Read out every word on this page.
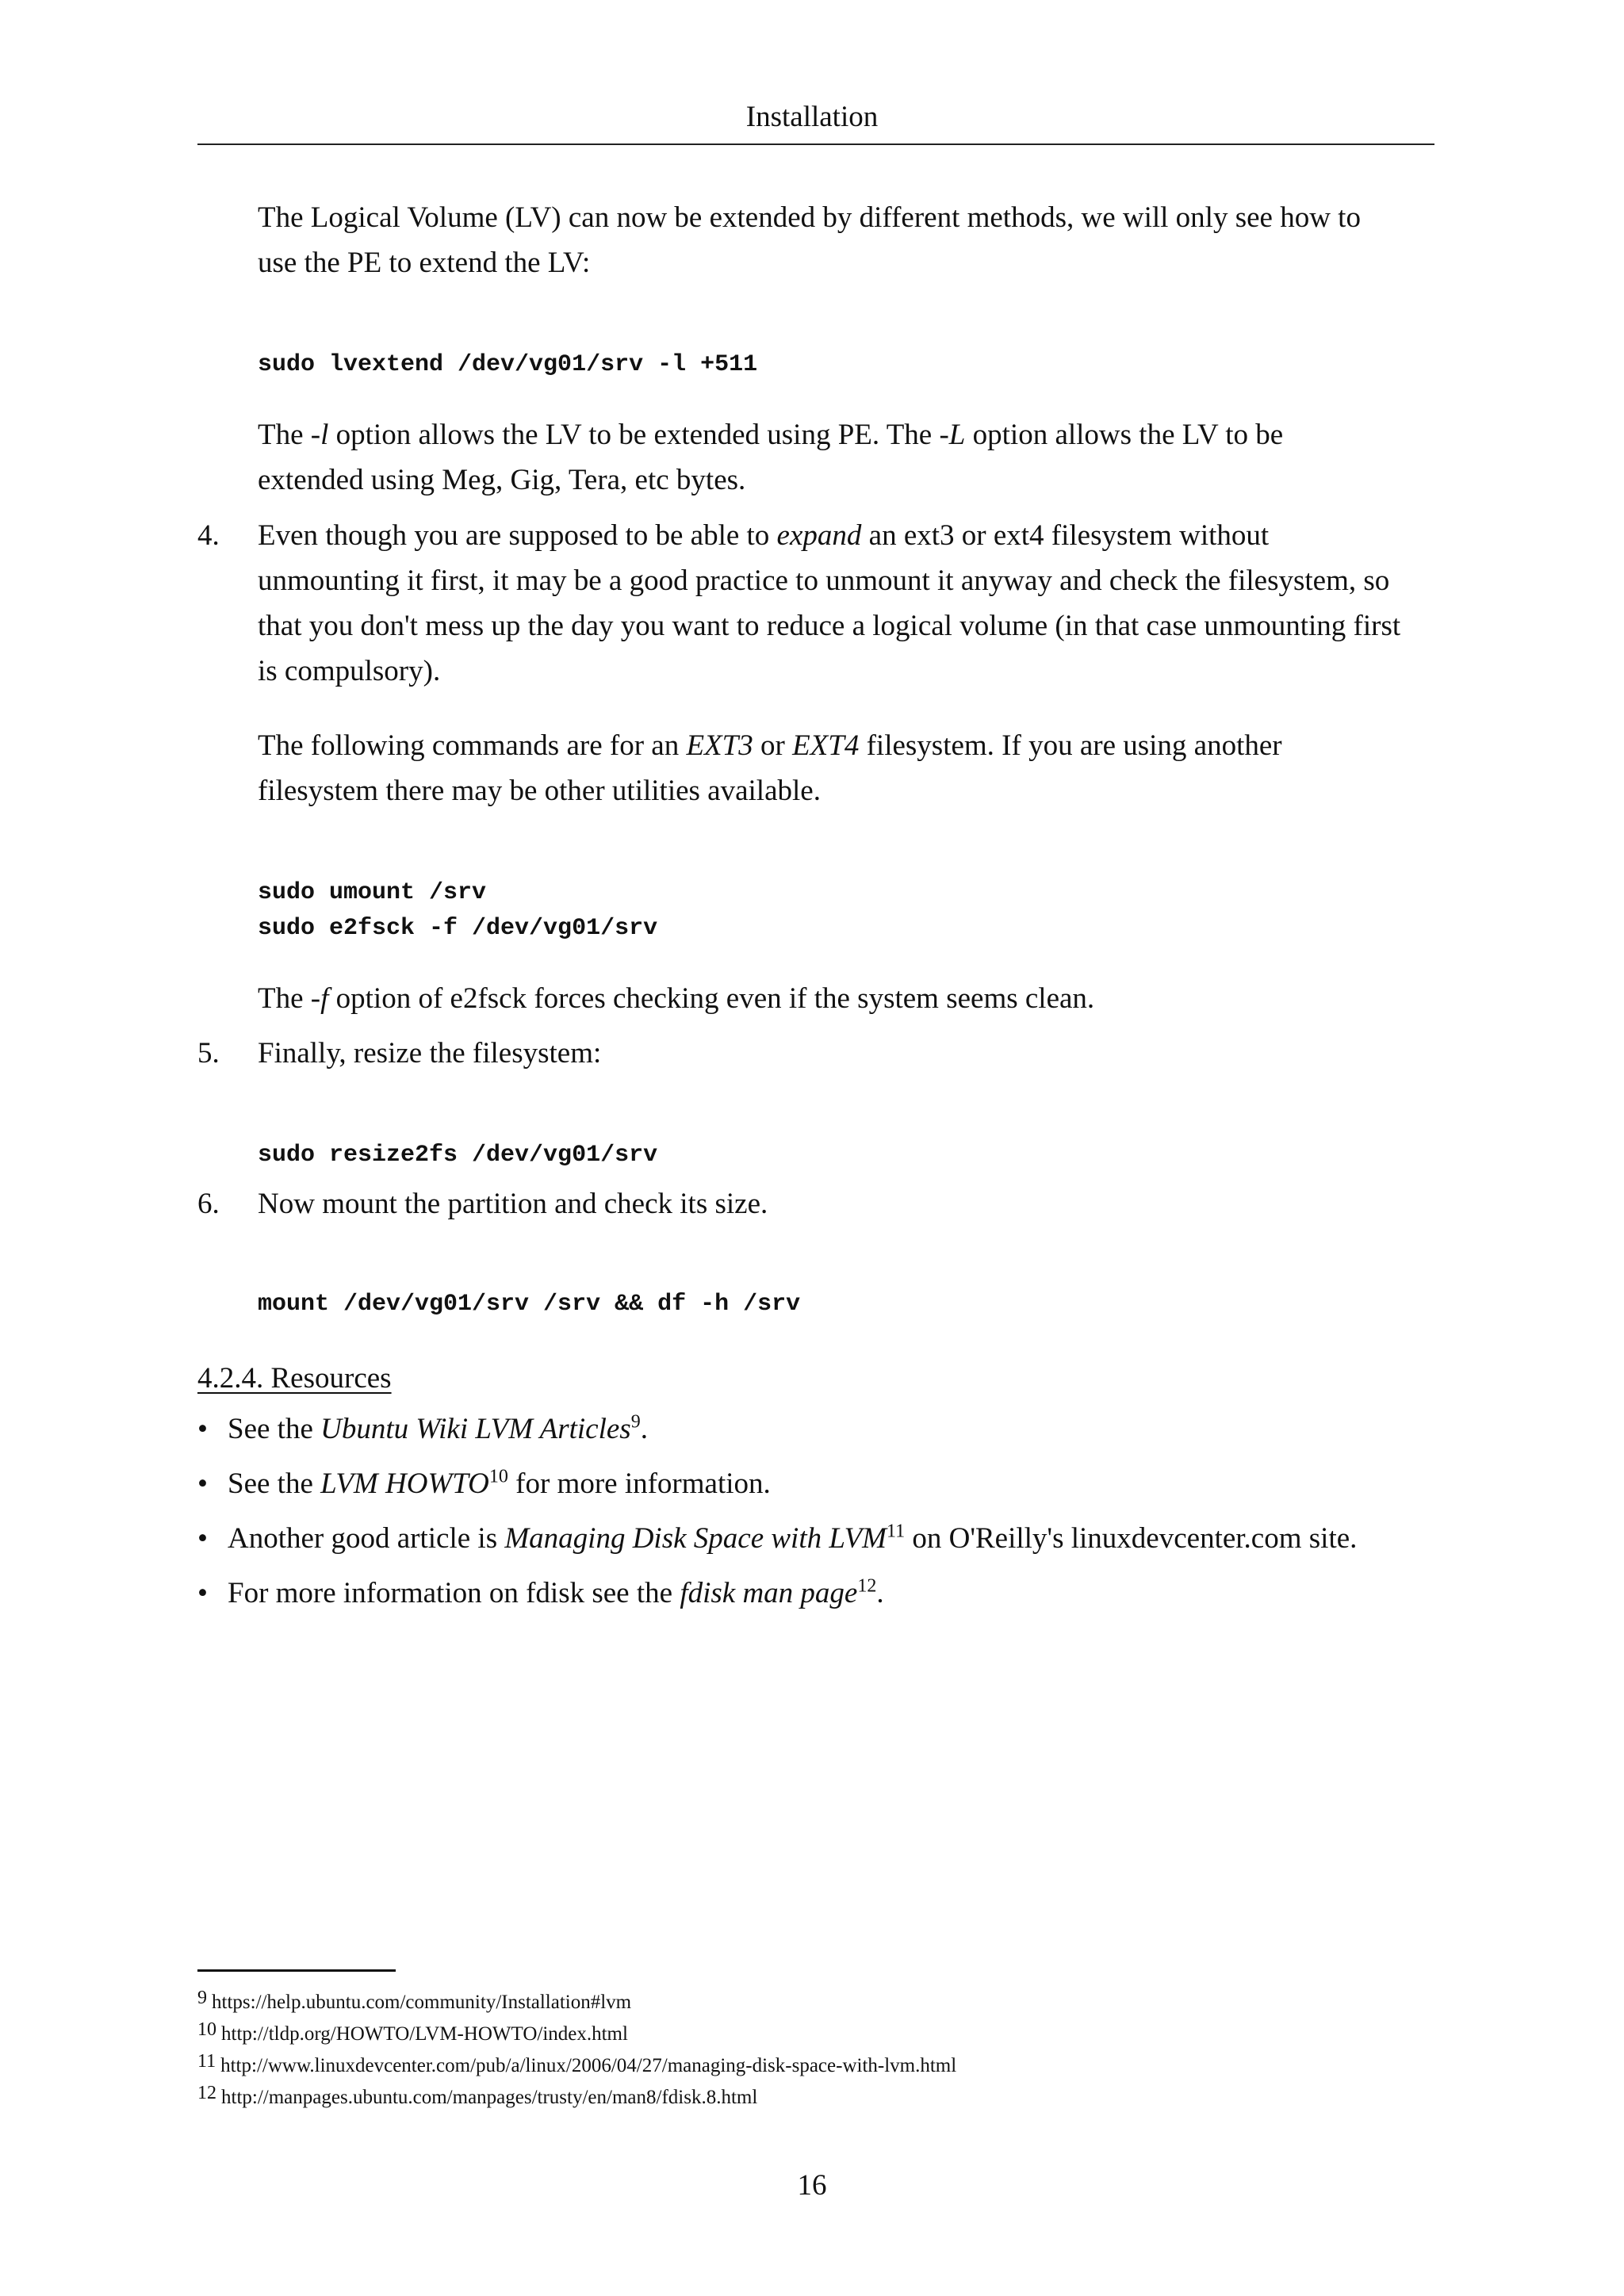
Installation

The Logical Volume (LV) can now be extended by different methods, we will only see how to

use the PE to extend the LV:

sudo lvextend /dev/vg01/srv -l +511

The -l option allows the LV to be extended using PE. The -L option allows the LV to be

extended using Meg, Gig, Tera, etc bytes.

4. Even though you are supposed to be able to expand an ext3 or ext4 filesystem without

unmounting it first, it may be a good practice to unmount it anyway and check the filesystem, so

that you don't mess up the day you want to reduce a logical volume (in that case unmounting first

is compulsory).

The following commands are for an EXT3 or EXT4 filesystem. If you are using another

filesystem there may be other utilities available.

sudo umount /srv
sudo e2fsck -f /dev/vg01/srv

The -f option of e2fsck forces checking even if the system seems clean.

5. Finally, resize the filesystem:
sudo resize2fs /dev/vg01/srv
6. Now mount the partition and check its size.
mount /dev/vg01/srv /srv && df -h /srv
4.2.4. Resources
• See the Ubuntu Wiki LVM Articles$^9$.
• See the LVM HOWTO$^{10}$ for more information.
• Another good article is Managing Disk Space with LVM$^{11}$ on O'Reilly's linuxdevcenter.com site.
• For more information on fdisk see the fdisk man page$^{12}$.
9 https://help.ubuntu.com/community/Installation#lvm
10 http://tldp.org/HOWTO/LVM-HOWTO/index.html
11 http://www.linuxdevcenter.com/pub/a/linux/2006/04/27/managing-disk-space-with-lvm.html
12 http://manpages.ubuntu.com/manpages/trusty/en/man8/fdisk.8.html
16
